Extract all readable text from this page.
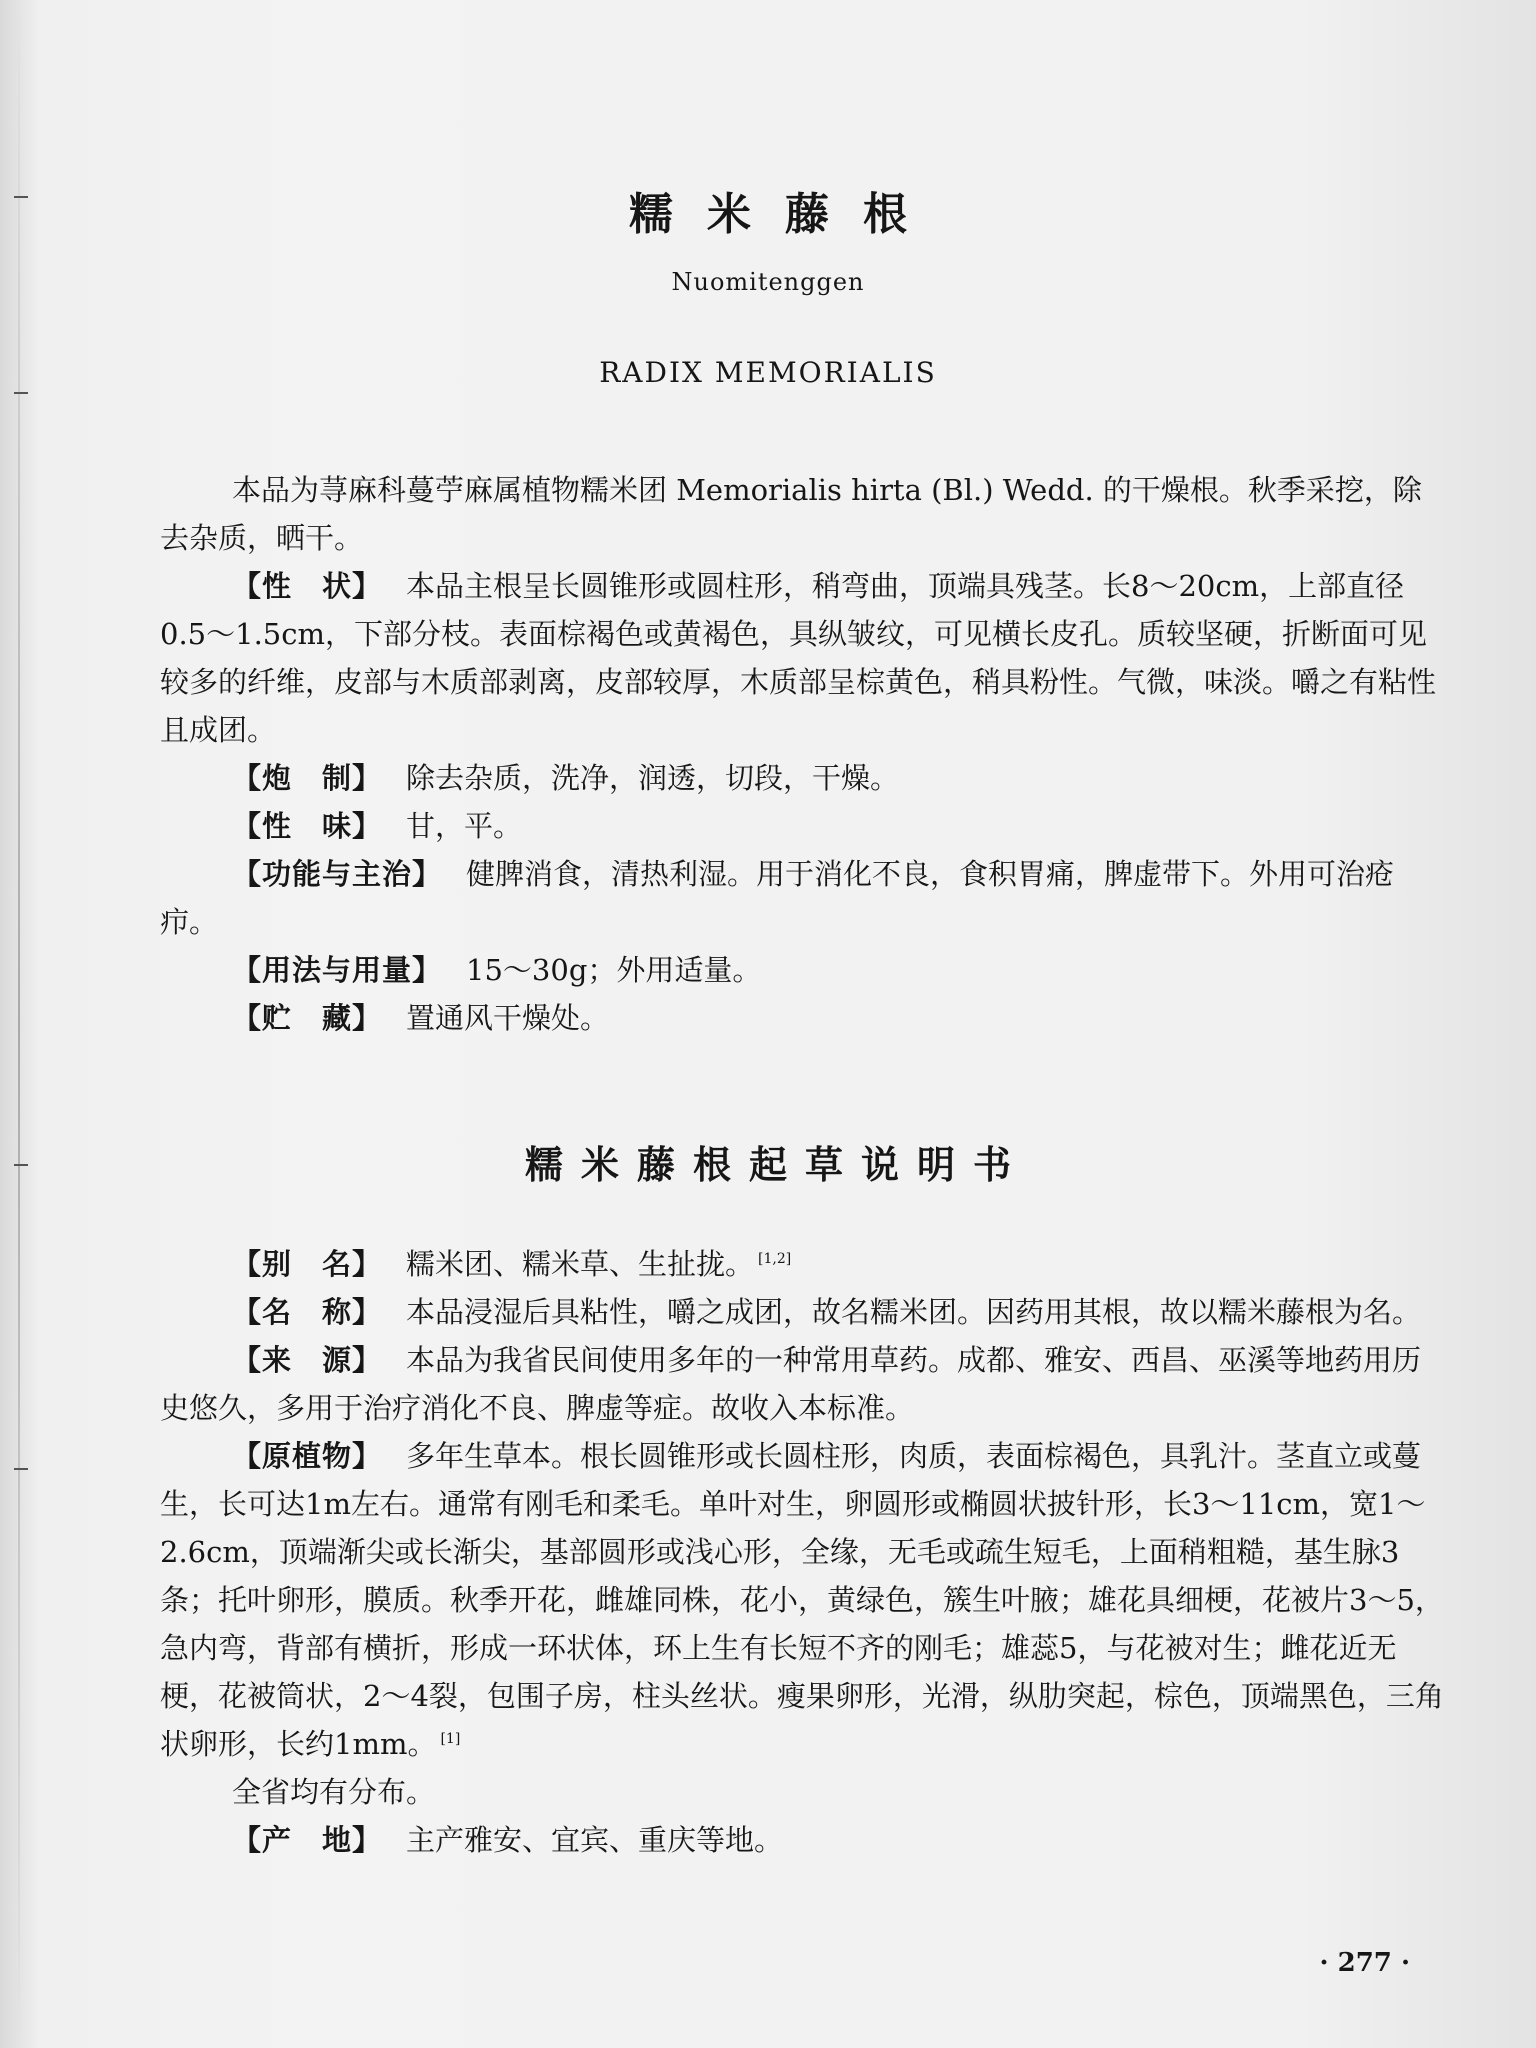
糯米藤根

Nuomitenggen

RADIX MEMORIALIS

本品为荨麻科蔓苧麻属植物糯米团 Memorialis hirta (Bl.) Wedd. 的干燥根。秋季采挖，除去杂质，晒干。

【性　状】 本品主根呈长圆锥形或圆柱形，稍弯曲，顶端具残茎。长8～20cm，上部直径0.5～1.5cm，下部分枝。表面棕褐色或黄褐色，具纵皱纹，可见横长皮孔。质较坚硬，折断面可见较多的纤维，皮部与木质部剥离，皮部较厚，木质部呈棕黄色，稍具粉性。气微，味淡。嚼之有粘性且成团。

【炮　制】 除去杂质，洗净，润透，切段，干燥。

【性　味】 甘，平。

【功能与主治】 健脾消食，清热利湿。用于消化不良，食积胃痛，脾虚带下。外用可治疮疖。

【用法与用量】 15～30g；外用适量。

【贮　藏】 置通风干燥处。

糯米藤根起草说明书

【别　名】 糯米团、糯米草、生扯拢。 [1,2]

【名　称】 本品浸湿后具粘性，嚼之成团，故名糯米团。因药用其根，故以糯米藤根为名。

【来　源】 本品为我省民间使用多年的一种常用草药。成都、雅安、西昌、巫溪等地药用历史悠久，多用于治疗消化不良、脾虚等症。故收入本标准。

【原植物】 多年生草本。根长圆锥形或长圆柱形，肉质，表面棕褐色，具乳汁。茎直立或蔓生，长可达1m左右。通常有刚毛和柔毛。单叶对生，卵圆形或椭圆状披针形，长3～11cm，宽1～2.6cm，顶端渐尖或长渐尖，基部圆形或浅心形，全缘，无毛或疏生短毛，上面稍粗糙，基生脉3条；托叶卵形，膜质。秋季开花，雌雄同株，花小，黄绿色，簇生叶腋；雄花具细梗，花被片3～5，急内弯，背部有横折，形成一环状体，环上生有长短不齐的刚毛；雄蕊5，与花被对生；雌花近无梗，花被筒状，2～4裂，包围子房，柱头丝状。瘦果卵形，光滑，纵肋突起，棕色，顶端黑色，三角状卵形，长约1mm。 [1]

全省均有分布。

【产　地】 主产雅安、宜宾、重庆等地。

· 277 ·
